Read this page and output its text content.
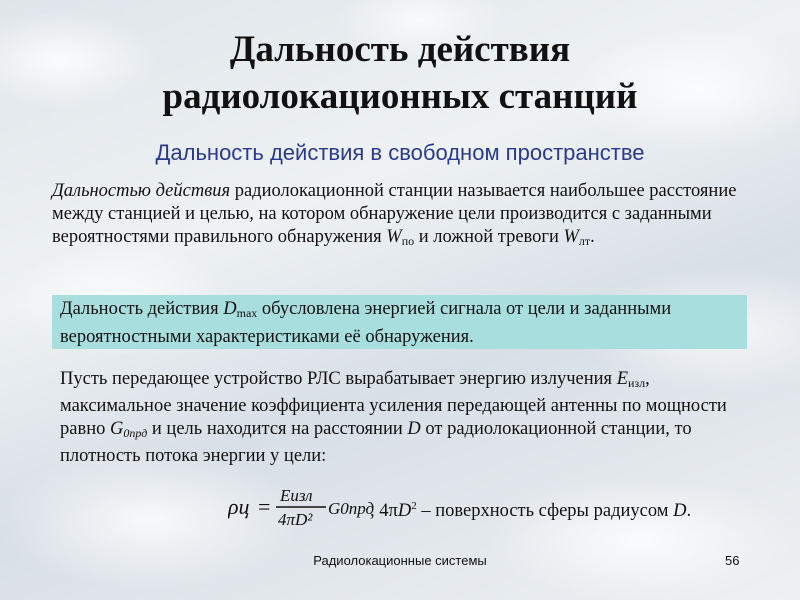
Дальность действия
радиолокационных станций
Дальность действия в свободном пространстве
Дальностью действия радиолокационной станции называется наибольшее расстояние между станцией и целью, на котором обнаружение цели производится с заданными вероятностями правильного обнаружения $W_{по}$ и ложной тревоги $W_{лт}$.
Дальность действия $D_{max}$ обусловлена энергией сигнала от цели и заданными вероятностными характеристиками её обнаружения.
Пусть передающее устройство РЛС вырабатывает энергию излучения $E_{изл}$, максимальное значение коэффициента усиления передающей антенны по мощности равно $G_{0прд}$ и цель находится на расстоянии D от радиолокационной станции, то плотность потока энергии у цели:
ρц = Eизл
4πD²
G0прд
, $4\pi D^2$ – поверхность сферы радиусом D.
Радиолокационные системы	56
